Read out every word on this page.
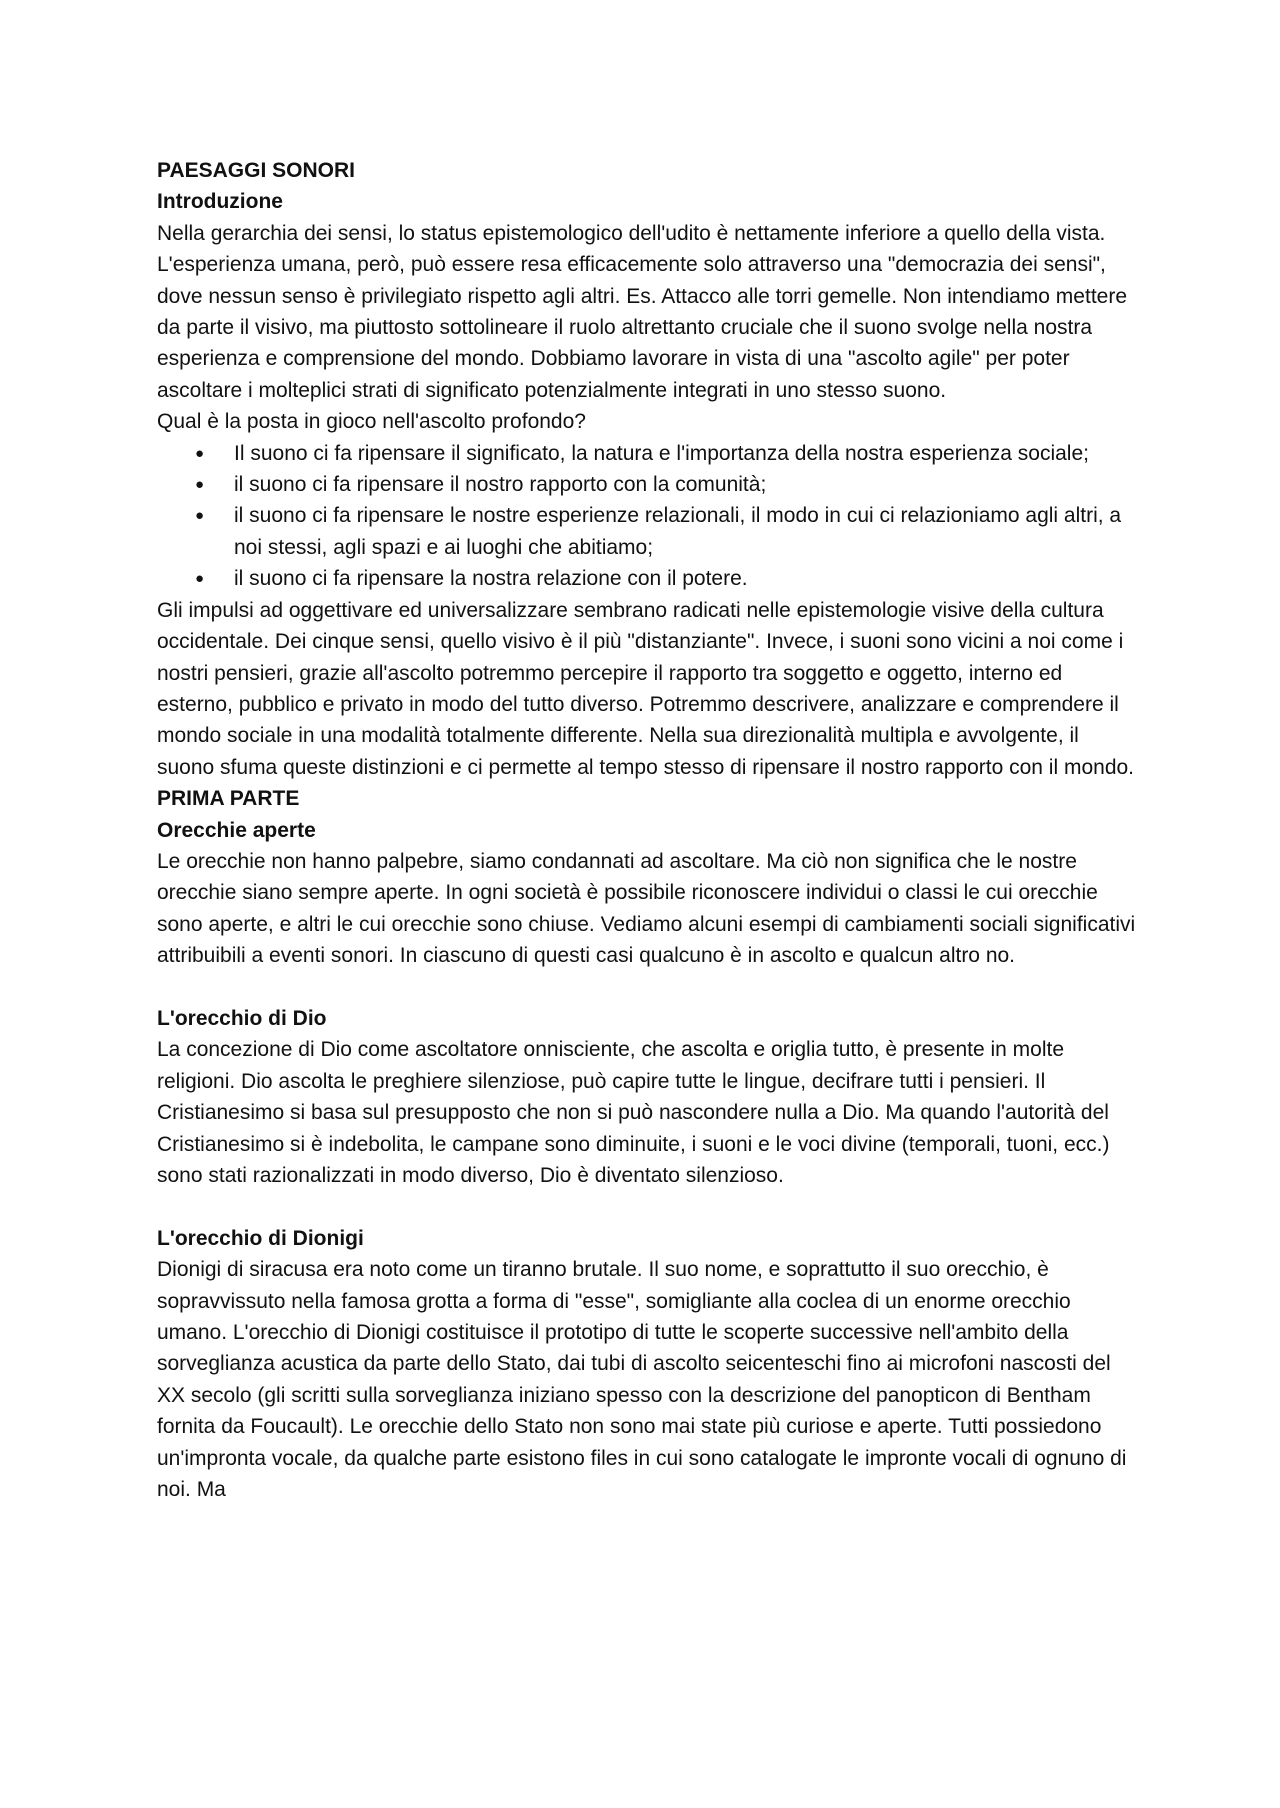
PAESAGGI SONORI

Introduzione

Nella gerarchia dei sensi, lo status epistemologico dell'udito è nettamente inferiore a quello della vista. L'esperienza umana, però, può essere resa efficacemente solo attraverso una "democrazia dei sensi", dove nessun senso è privilegiato rispetto agli altri. Es. Attacco alle torri gemelle. Non intendiamo mettere da parte il visivo, ma piuttosto sottolineare il ruolo altrettanto cruciale che il suono svolge nella nostra esperienza e comprensione del mondo. Dobbiamo lavorare in vista di una "ascolto agile" per poter ascoltare i molteplici strati di significato potenzialmente integrati in uno stesso suono.

Qual è la posta in gioco nell'ascolto profondo?

● Il suono ci fa ripensare il significato, la natura e l'importanza della nostra esperienza sociale;
● il suono ci fa ripensare il nostro rapporto con la comunità;
● il suono ci fa ripensare le nostre esperienze relazionali, il modo in cui ci relazioniamo agli altri, a noi stessi, agli spazi e ai luoghi che abitiamo;
● il suono ci fa ripensare la nostra relazione con il potere.

Gli impulsi ad oggettivare ed universalizzare sembrano radicati nelle epistemologie visive della cultura occidentale. Dei cinque sensi, quello visivo è il più "distanziante". Invece, i suoni sono vicini a noi come i nostri pensieri, grazie all'ascolto potremmo percepire il rapporto tra soggetto e oggetto, interno ed esterno, pubblico e privato in modo del tutto diverso. Potremmo descrivere, analizzare e comprendere il mondo sociale in una modalità totalmente differente. Nella sua direzionalità multipla e avvolgente, il suono sfuma queste distinzioni e ci permette al tempo stesso di ripensare il nostro rapporto con il mondo.

PRIMA PARTE

Orecchie aperte

Le orecchie non hanno palpebre, siamo condannati ad ascoltare. Ma ciò non significa che le nostre orecchie siano sempre aperte. In ogni società è possibile riconoscere individui o classi le cui orecchie sono aperte, e altri le cui orecchie sono chiuse. Vediamo alcuni esempi di cambiamenti sociali significativi attribuibili a eventi sonori. In ciascuno di questi casi qualcuno è in ascolto e qualcun altro no.

L'orecchio di Dio

La concezione di Dio come ascoltatore onnisciente, che ascolta e origlia tutto, è presente in molte religioni. Dio ascolta le preghiere silenziose, può capire tutte le lingue, decifrare tutti i pensieri. Il Cristianesimo si basa sul presupposto che non si può nascondere nulla a Dio. Ma quando l'autorità del Cristianesimo si è indebolita, le campane sono diminuite, i suoni e le voci divine (temporali, tuoni, ecc.) sono stati razionalizzati in modo diverso, Dio è diventato silenzioso.

L'orecchio di Dionigi

Dionigi di siracusa era noto come un tiranno brutale. Il suo nome, e soprattutto il suo orecchio, è sopravvissuto nella famosa grotta a forma di "esse", somigliante alla coclea di un enorme orecchio umano. L'orecchio di Dionigi costituisce il prototipo di tutte le scoperte successive nell'ambito della sorveglianza acustica da parte dello Stato, dai tubi di ascolto seicenteschi fino ai microfoni nascosti del XX secolo (gli scritti sulla sorveglianza iniziano spesso con la descrizione del panopticon di Bentham fornita da Foucault). Le orecchie dello Stato non sono mai state più curiose e aperte. Tutti possiedono un'impronta vocale, da qualche parte esistono files in cui sono catalogate le impronte vocali di ognuno di noi. Ma
